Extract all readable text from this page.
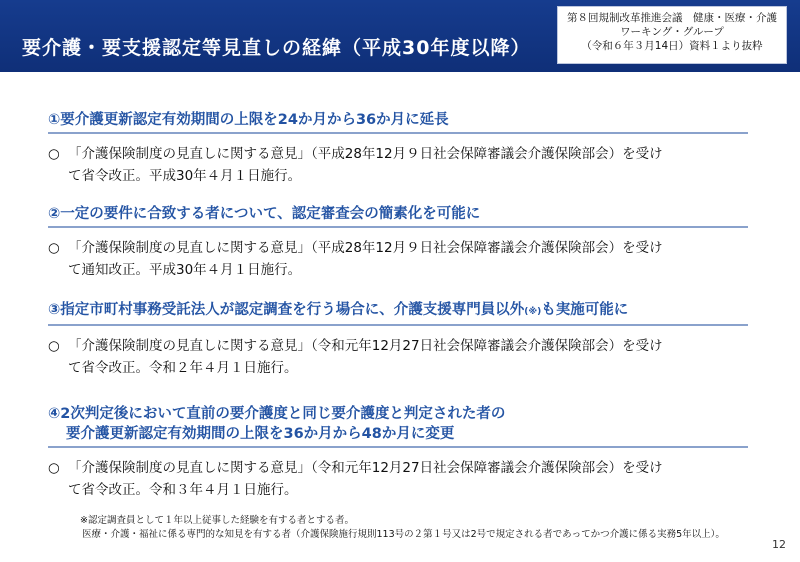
要介護・要支援認定等見直しの経緯（平成30年度以降）
第８回規制改革推進会議　健康・医療・介護
ワーキング・グループ
（令和６年３月14日）資料１より抜粋
①要介護更新認定有効期間の上限を24か月から36か月に延長
○ 「介護保険制度の見直しに関する意見」（平成28年12月９日社会保障審議会介護保険部会）を受け
て省令改正。平成30年４月１日施行。
②一定の要件に合致する者について、認定審査会の簡素化を可能に
○ 「介護保険制度の見直しに関する意見」（平成28年12月９日社会保障審議会介護保険部会）を受け
て通知改正。平成30年４月１日施行。
③指定市町村事務受託法人が認定調査を行う場合に、介護支援専門員以外(※)も実施可能に
○ 「介護保険制度の見直しに関する意見」（令和元年12月27日社会保障審議会介護保険部会）を受け
て省令改正。令和２年４月１日施行。
④2次判定後において直前の要介護度と同じ要介護度と判定された者の
要介護更新認定有効期間の上限を36か月から48か月に変更
○ 「介護保険制度の見直しに関する意見」（令和元年12月27日社会保障審議会介護保険部会）を受け
て省令改正。令和３年４月１日施行。
※認定調査員として１年以上従事した経験を有する者とする者。
医療・介護・福祉に係る専門的な知見を有する者（介護保険施行規則113号の２第１号又は2号で規定される者であってかつ介護に係る実務5年以上）。
12
